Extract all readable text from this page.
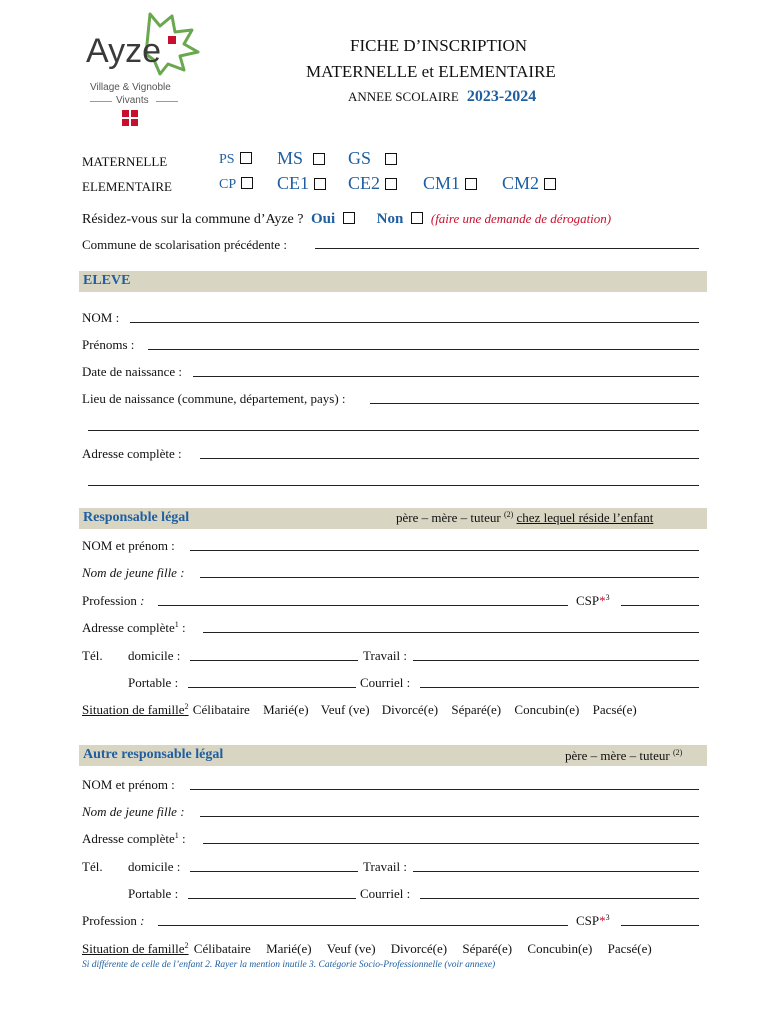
Ayze
Village & Vignoble
Vivants
FICHE D’INSCRIPTION
MATERNELLE et ELEMENTAIRE
ANNEE SCOLAIRE 2023-2024
MATERNELLE	PS	MS	GS
ELEMENTAIRE	CP	CE1	CE2	CM1	CM2
Résidez-vous sur la commune d’Ayze ? Oui	Non (faire une demande de dérogation)
Commune de scolarisation précédente :
ELEVE
NOM :
Prénoms :
Date de naissance :
Lieu de naissance (commune, département, pays) :
Adresse complète :
Responsable légal	père – mère – tuteur $^{(2)}$ chez lequel réside l’enfant
NOM et prénom :
Nom de jeune fille :
Profession :	CSP*$^3$
Adresse complète$^1$ :
Tél. domicile :	Travail :
Portable :	Courriel :
Situation de famille$^2$ Célibataire Marié(e) Veuf (ve) Divorcé(e) Séparé(e) Concubin(e) Pacsé(e)
Autre responsable légal	père – mère – tuteur $^{(2)}$
NOM et prénom :
Nom de jeune fille :
Adresse complète$^1$ :
Tél. domicile :	Travail :
Portable :	Courriel :
Profession :	CSP*$^3$
Situation de famille$^2$ Célibataire Marié(e) Veuf (ve) Divorcé(e) Séparé(e) Concubin(e) Pacsé(e)
Si différente de celle de l’enfant 2. Rayer la mention inutile 3. Catégorie Socio-Professionnelle (voir annexe)
